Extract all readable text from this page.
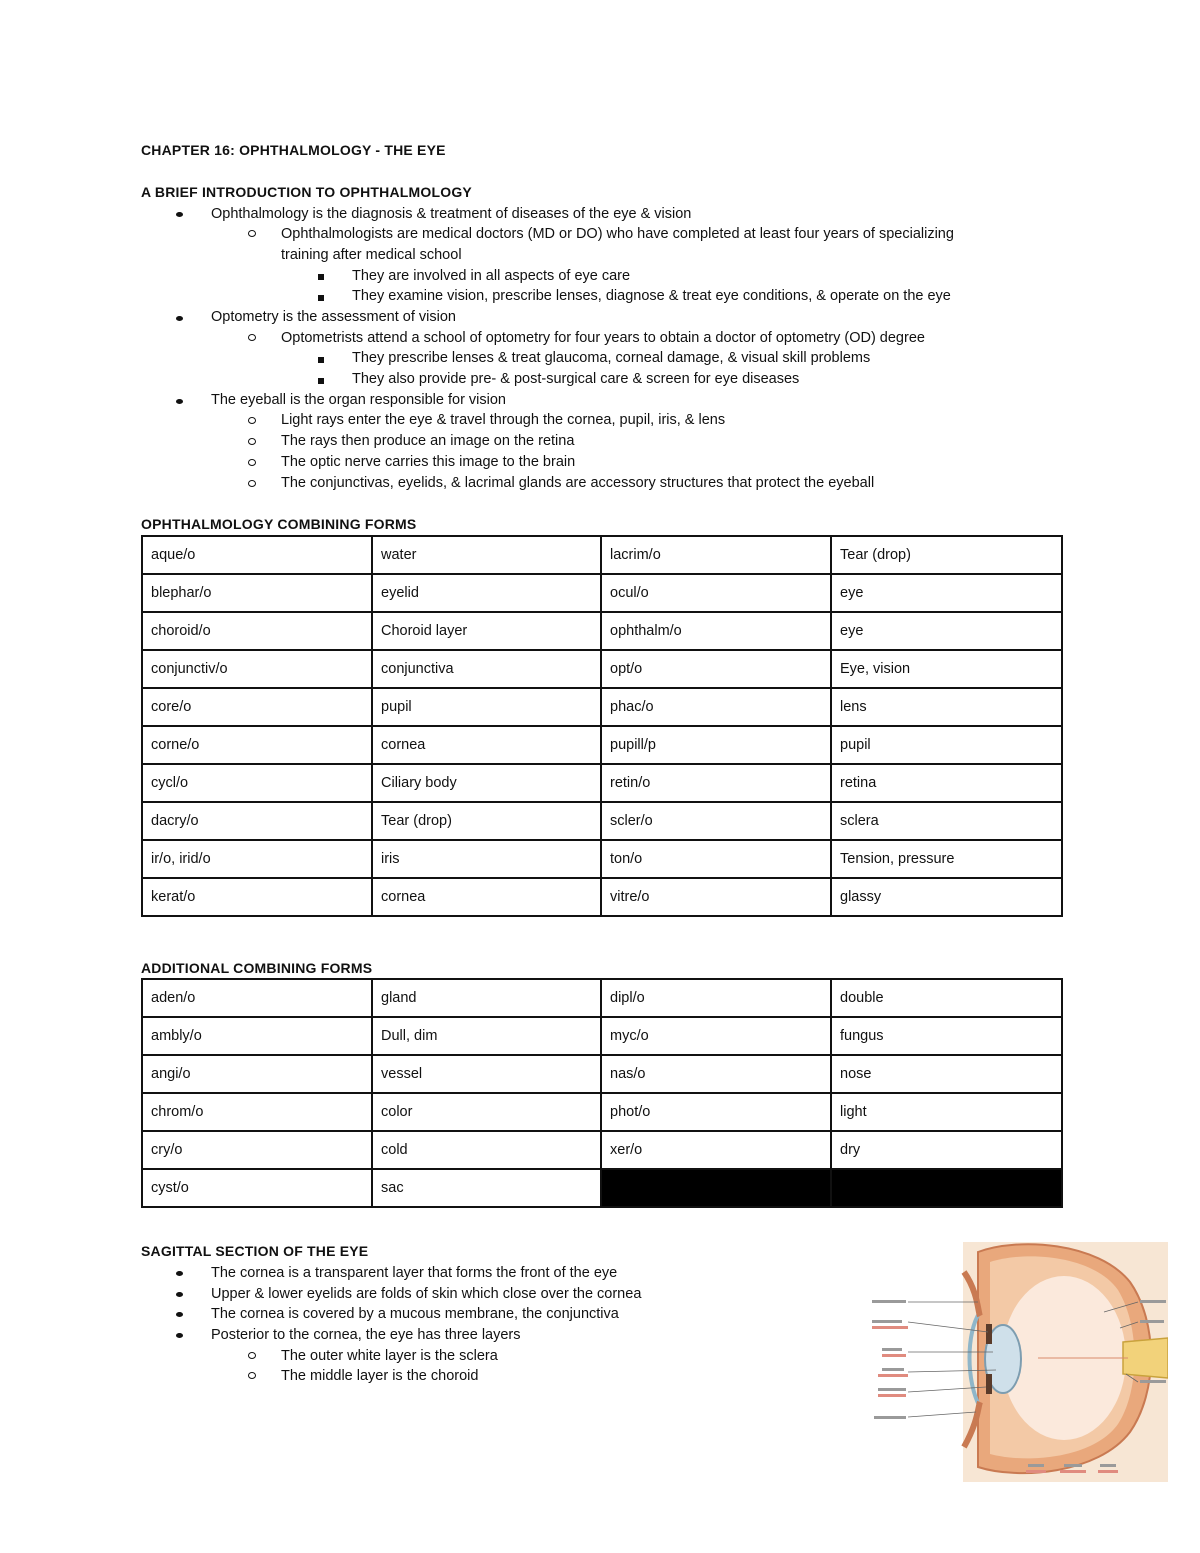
CHAPTER 16: OPHTHALMOLOGY - THE EYE
A BRIEF INTRODUCTION TO OPHTHALMOLOGY

Ophthalmology is the diagnosis & treatment of diseases of the eye & vision

Ophthalmologists are medical doctors (MD or DO) who have completed at least four years of specializing

training after medical school

They are involved in all aspects of eye care

They examine vision, prescribe lenses, diagnose & treat eye conditions, & operate on the eye

Optometry is the assessment of vision

Optometrists attend a school of optometry for four years to obtain a doctor of optometry (OD) degree

They prescribe lenses & treat glaucoma, corneal damage, & visual skill problems

They also provide pre- & post-surgical care & screen for eye diseases

The eyeball is the organ responsible for vision

Light rays enter the eye & travel through the cornea, pupil, iris, & lens

The rays then produce an image on the retina

The optic nerve carries this image to the brain

The conjunctivas, eyelids, & lacrimal glands are accessory structures that protect the eyeball

OPHTHALMOLOGY COMBINING FORMS
aque/o	water	lacrim/o	Tear (drop)
blephar/o	eyelid	ocul/o	eye
choroid/o	Choroid layer	ophthalm/o	eye
conjunctiv/o	conjunctiva	opt/o	Eye, vision
core/o	pupil	phac/o	lens
corne/o	cornea	pupill/p	pupil
cycl/o	Ciliary body	retin/o	retina
dacry/o	Tear (drop)	scler/o	sclera
ir/o, irid/o	iris	ton/o	Tension, pressure
kerat/o	cornea	vitre/o	glassy
ADDITIONAL COMBINING FORMS
aden/o	gland	dipl/o	double
ambly/o	Dull, dim	myc/o	fungus
angi/o	vessel	nas/o	nose
chrom/o	color	phot/o	light
cry/o	cold	xer/o	dry
cyst/o	sac		
SAGITTAL SECTION OF THE EYE

The cornea is a transparent layer that forms the front of the eye

Upper & lower eyelids are folds of skin which close over the cornea

The cornea is covered by a mucous membrane, the conjunctiva

Posterior to the cornea, the eye has three layers

The outer white layer is the sclera

The middle layer is the choroid
